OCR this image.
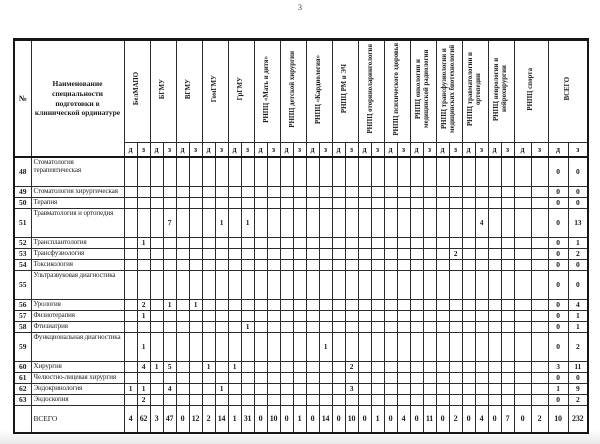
3
№	Наименование специальности подготовки в клинической ординатуре	БелМАПО		БГМУ		ВГМУ		ГомГМУ		ГрГМУ		РНПЦ «Мать и дитя»		РНПЦ детской хирургии		РНПЦ «Кардиология»		РНПЦ РМ и ЭЧ		РНПЦ оториноларингология		РНПЦ психического здоровья		РНПЦ онкологии и медицинской радиологии		РНПЦ трансфузиологии и медицинских биотехнологий		РНПЦ травматологии и ортопедии		РНПЦ неврологии и нейрохирургии		РНПЦ спорта		ВСЕГО	
		д	з	д	з	д	з	д	з	д	з	д	з	д	з	д	з	д	з	д	з	д	з	д	з	д	з	д	з	д	з	д	з	д	з
48	Стоматология терапевтическая																																	0	0
49	Стоматология хирургическая																																	0	0
50	Терапия																																	0	0
51	Травматология и ортопедия				7				1		1																		4					0	13
52	Трансплантология		1																															0	1
53	Трансфузиология																										2							0	2
54	Токсикология																																	0	0
55	Ультразвуковая диагностика																																	0	0
56	Урология		2		1		1																											0	4
57	Физиотерапия		1																															0	1
58	Фтизиатрия										1																							0	1
59	Функциональная диагностика		1														1																	0	2
60	Хирургия		4	1	5			1		1									2															3	11
61	Челюстно-лицевая хирургия																																	0	0
62	Эндокринология	1	1		4				1										3															1	9
63	Эндоскопия		2																															0	2
	ВСЕГО	4	62	3	47	0	12	2	14	1	31	0	10	0	1	0	14	0	10	0	1	0	4	0	11	0	2	0	4	0	7	0	2	10	232
